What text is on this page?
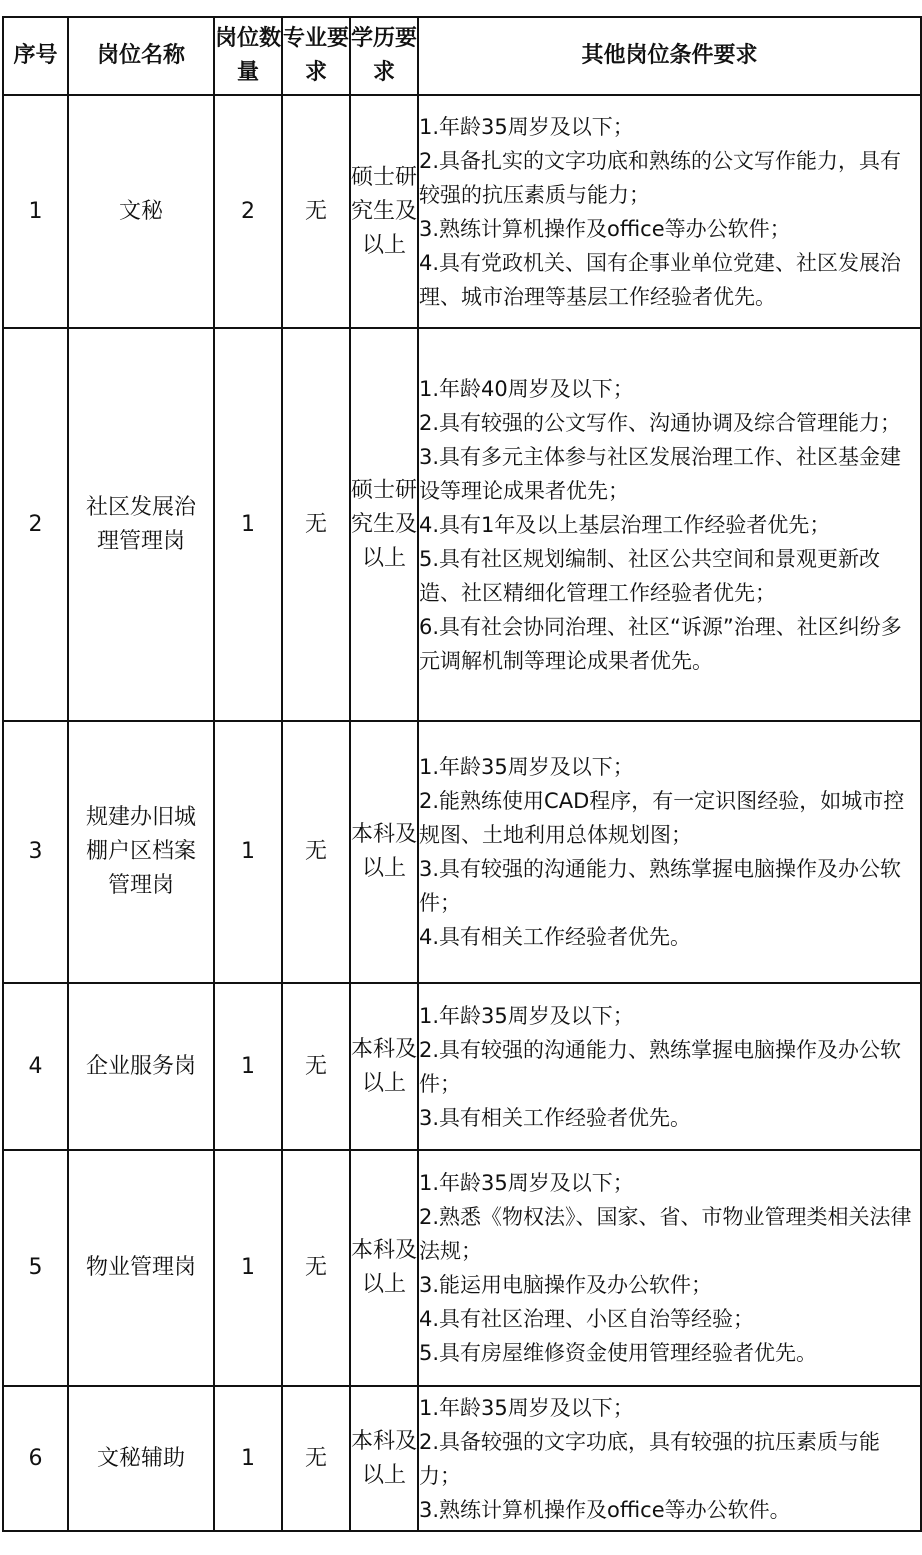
序号	岗位名称	岗位数量	专业要求	学历要求	其他岗位条件要求
1	文秘	2	无	硕士研究生及以上	1.年龄35周岁及以下；
2.具备扎实的文字功底和熟练的公文写作能力，具有较强的抗压素质与能力；
3.熟练计算机操作及office等办公软件；
4.具有党政机关、国有企事业单位党建、社区发展治理、城市治理等基层工作经验者优先。

2	社区发展治理管理岗	1	无	硕士研究生及以上	
1.年龄40周岁及以下；
2.具有较强的公文写作、沟通协调及综合管理能力；
3.具有多元主体参与社区发展治理工作、社区基金建设等理论成果者优先；
4.具有1年及以上基层治理工作经验者优先；
5.具有社区规划编制、社区公共空间和景观更新改造、社区精细化管理工作经验者优先；
6.具有社会协同治理、社区“诉源”治理、社区纠纷多元调解机制等理论成果者优先。

3	规建办旧城棚户区档案管理岗	1	无	本科及以上	1.年龄35周岁及以下；
2.能熟练使用CAD程序，有一定识图经验，如城市控规图、土地利用总体规划图；
3.具有较强的沟通能力、熟练掌握电脑操作及办公软件；
4.具有相关工作经验者优先。

4	企业服务岗	1	无	本科及以上	1.年龄35周岁及以下；
2.具有较强的沟通能力、熟练掌握电脑操作及办公软件；
3.具有相关工作经验者优先。

5	物业管理岗	1	无	本科及以上	1.年龄35周岁及以下；
2.熟悉《物权法》、国家、省、市物业管理类相关法律法规；
3.能运用电脑操作及办公软件；
4.具有社区治理、小区自治等经验；
5.具有房屋维修资金使用管理经验者优先。

6	文秘辅助	1	无	本科及以上	1.年龄35周岁及以下；
2.具备较强的文字功底，具有较强的抗压素质与能力；
3.熟练计算机操作及office等办公软件。
